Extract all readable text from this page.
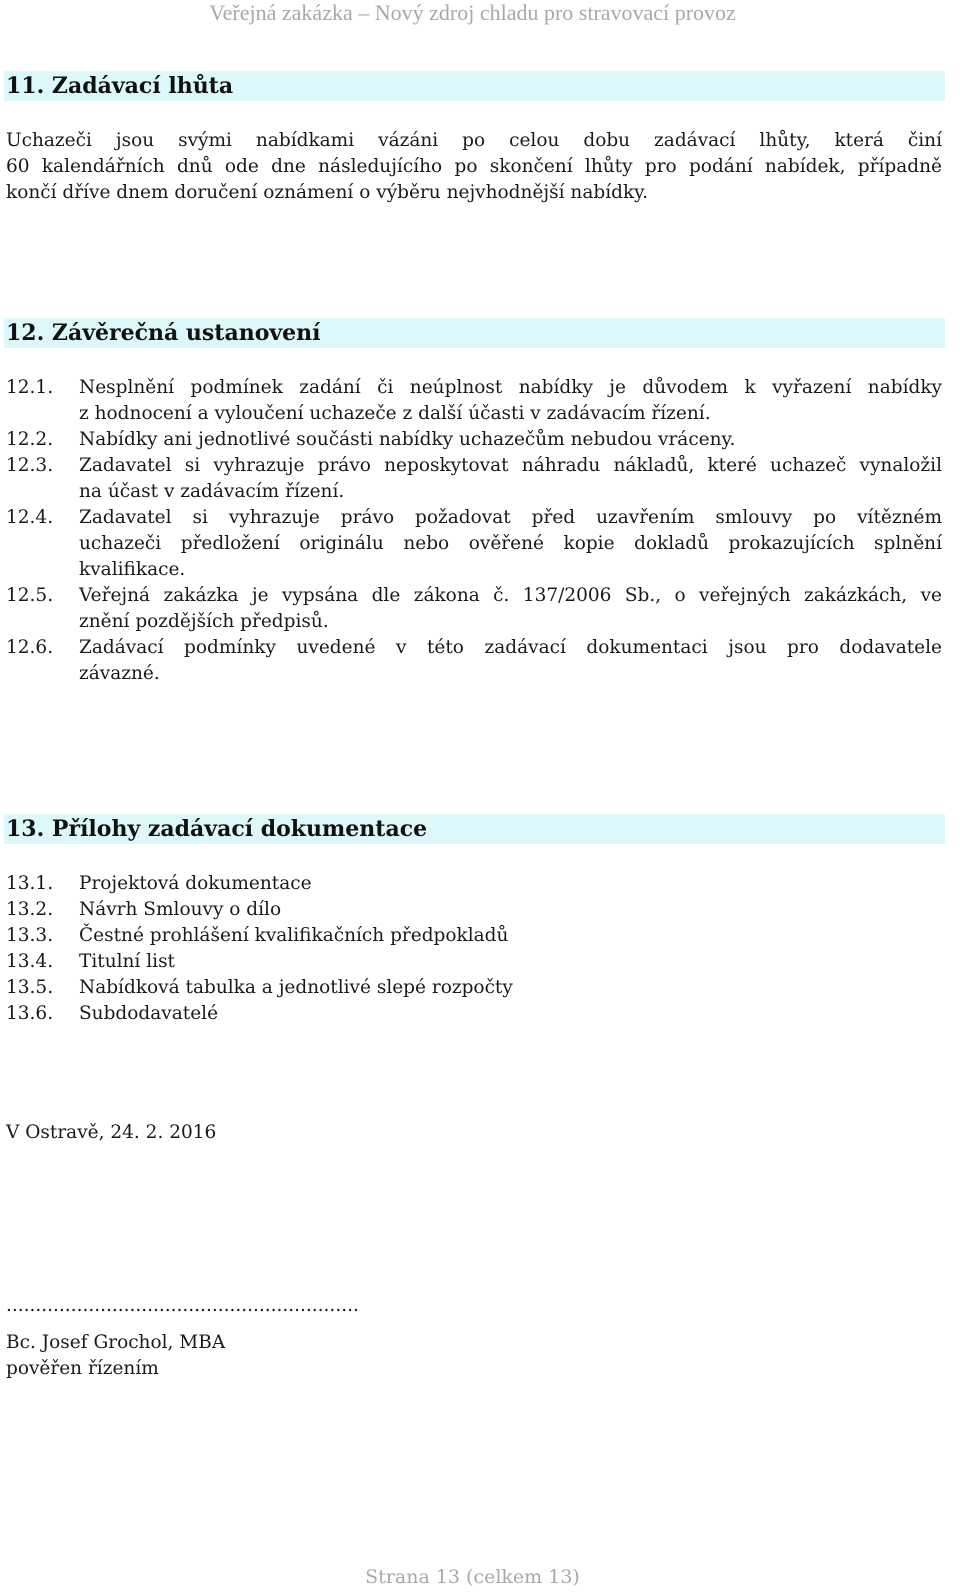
Veřejná zakázka – Nový zdroj chladu pro stravovací provoz
11. Zadávací lhůta

Uchazeči jsou svými nabídkami vázáni po celou dobu zadávací lhůty, která činí
60 kalendářních dnů ode dne následujícího po skončení lhůty pro podání nabídek, případně
končí dříve dnem doručení oznámení o výběru nejvhodnější nabídky.

12. Závěrečná ustanovení
12.1.	Nesplnění podmínek zadání či neúplnost nabídky je důvodem k vyřazení nabídky
z hodnocení a vyloučení uchazeče z další účasti v zadávacím řízení.
12.2.	Nabídky ani jednotlivé součásti nabídky uchazečům nebudou vráceny.
12.3.	Zadavatel si vyhrazuje právo neposkytovat náhradu nákladů, které uchazeč vynaložil
na účast v zadávacím řízení.
12.4.	Zadavatel si vyhrazuje právo požadovat před uzavřením smlouvy po vítězném
uchazeči předložení originálu nebo ověřené kopie dokladů prokazujících splnění
kvalifikace.
12.5.	Veřejná zakázka je vypsána dle zákona č. 137/2006 Sb., o veřejných zakázkách, ve
znění pozdějších předpisů.
12.6.	Zadávací podmínky uvedené v této zadávací dokumentaci jsou pro dodavatele
závazné.
13. Přílohy zadávací dokumentace
13.1.	Projektová dokumentace
13.2.	Návrh Smlouvy o dílo
13.3.	Čestné prohlášení kvalifikačních předpokladů
13.4.	Titulní list
13.5.	Nabídková tabulka a jednotlivé slepé rozpočty
13.6.	Subdodavatelé

V Ostravě, 24. 2. 2016

............................................................

Bc. Josef Grochol, MBA

pověřen řízením

Strana 13 (celkem 13)
